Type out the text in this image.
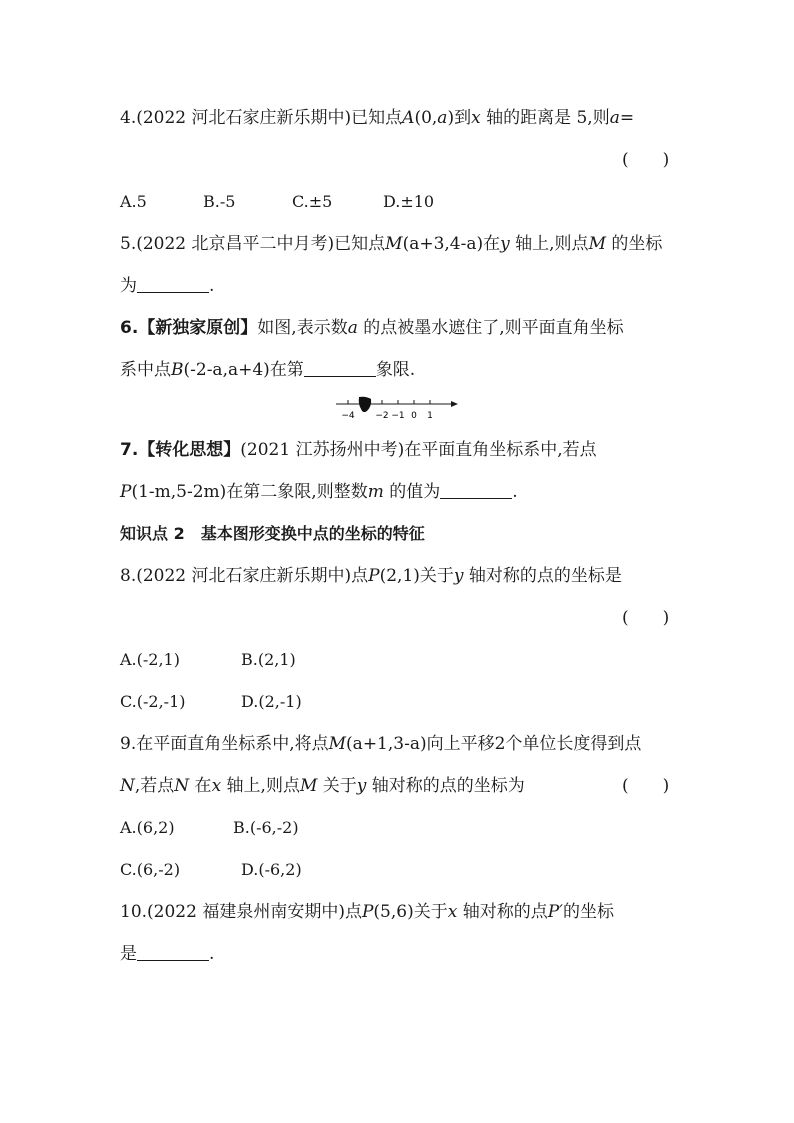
4.(2022 河北石家庄新乐期中)已知点A(0,a)到x 轴的距离是 5,则a=
(　　)
A.5	B.-5	C.±5	D.±10
5.(2022 北京昌平二中月考)已知点M(a+3,4-a)在y 轴上,则点M 的坐标
为	.
6.【新独家原创】如图,表示数a 的点被墨水遮住了,则平面直角坐标
系中点B(-2-a,a+4)在第	象限.
−4 −2 −1 0 1
7.【转化思想】(2021 江苏扬州中考)在平面直角坐标系中,若点
P(1-m,5-2m)在第二象限,则整数m 的值为	.
知识点 2　基本图形变换中点的坐标的特征
8.(2022 河北石家庄新乐期中)点P(2,1)关于y 轴对称的点的坐标是
(　　)
A.(-2,1)	B.(2,1)
C.(-2,-1)	D.(2,-1)
9.在平面直角坐标系中,将点M(a+1,3-a)向上平移2个单位长度得到点
N,若点N 在x 轴上,则点M 关于y 轴对称的点的坐标为	(　　)
A.(6,2)	B.(-6,-2)
C.(6,-2)	D.(-6,2)
10.(2022 福建泉州南安期中)点P(5,6)关于x 轴对称的点P′的坐标
是	.
